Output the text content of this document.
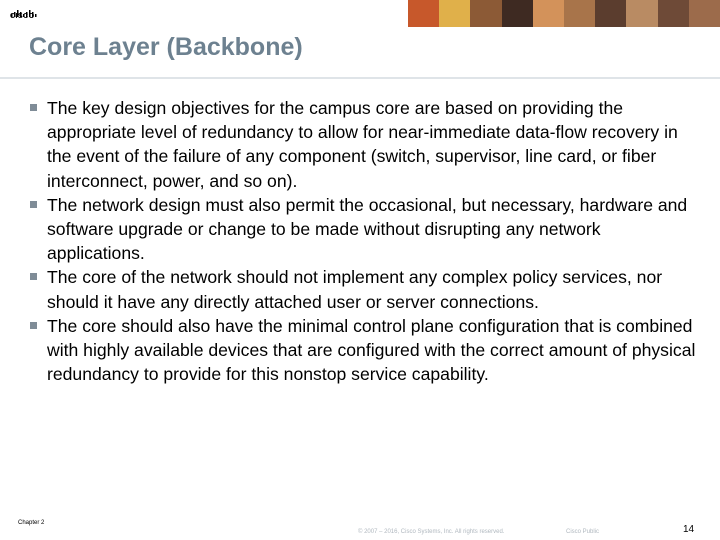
CISCO
Core Layer (Backbone)
The key design objectives for the campus core are based on providing the appropriate level of redundancy to allow for near-immediate data-flow recovery in the event of the failure of any component (switch, supervisor, line card, or fiber interconnect, power, and so on).
The network design must also permit the occasional, but necessary, hardware and software upgrade or change to be made without disrupting any network applications.
The core of the network should not implement any complex policy services, nor should it have any directly attached user or server connections.
The core should also have the minimal control plane configuration that is combined with highly available devices that are configured with the correct amount of physical redundancy to provide for this nonstop service capability.
Chapter 2
© 2007 – 2016, Cisco Systems, Inc. All rights reserved.	Cisco Public	14
